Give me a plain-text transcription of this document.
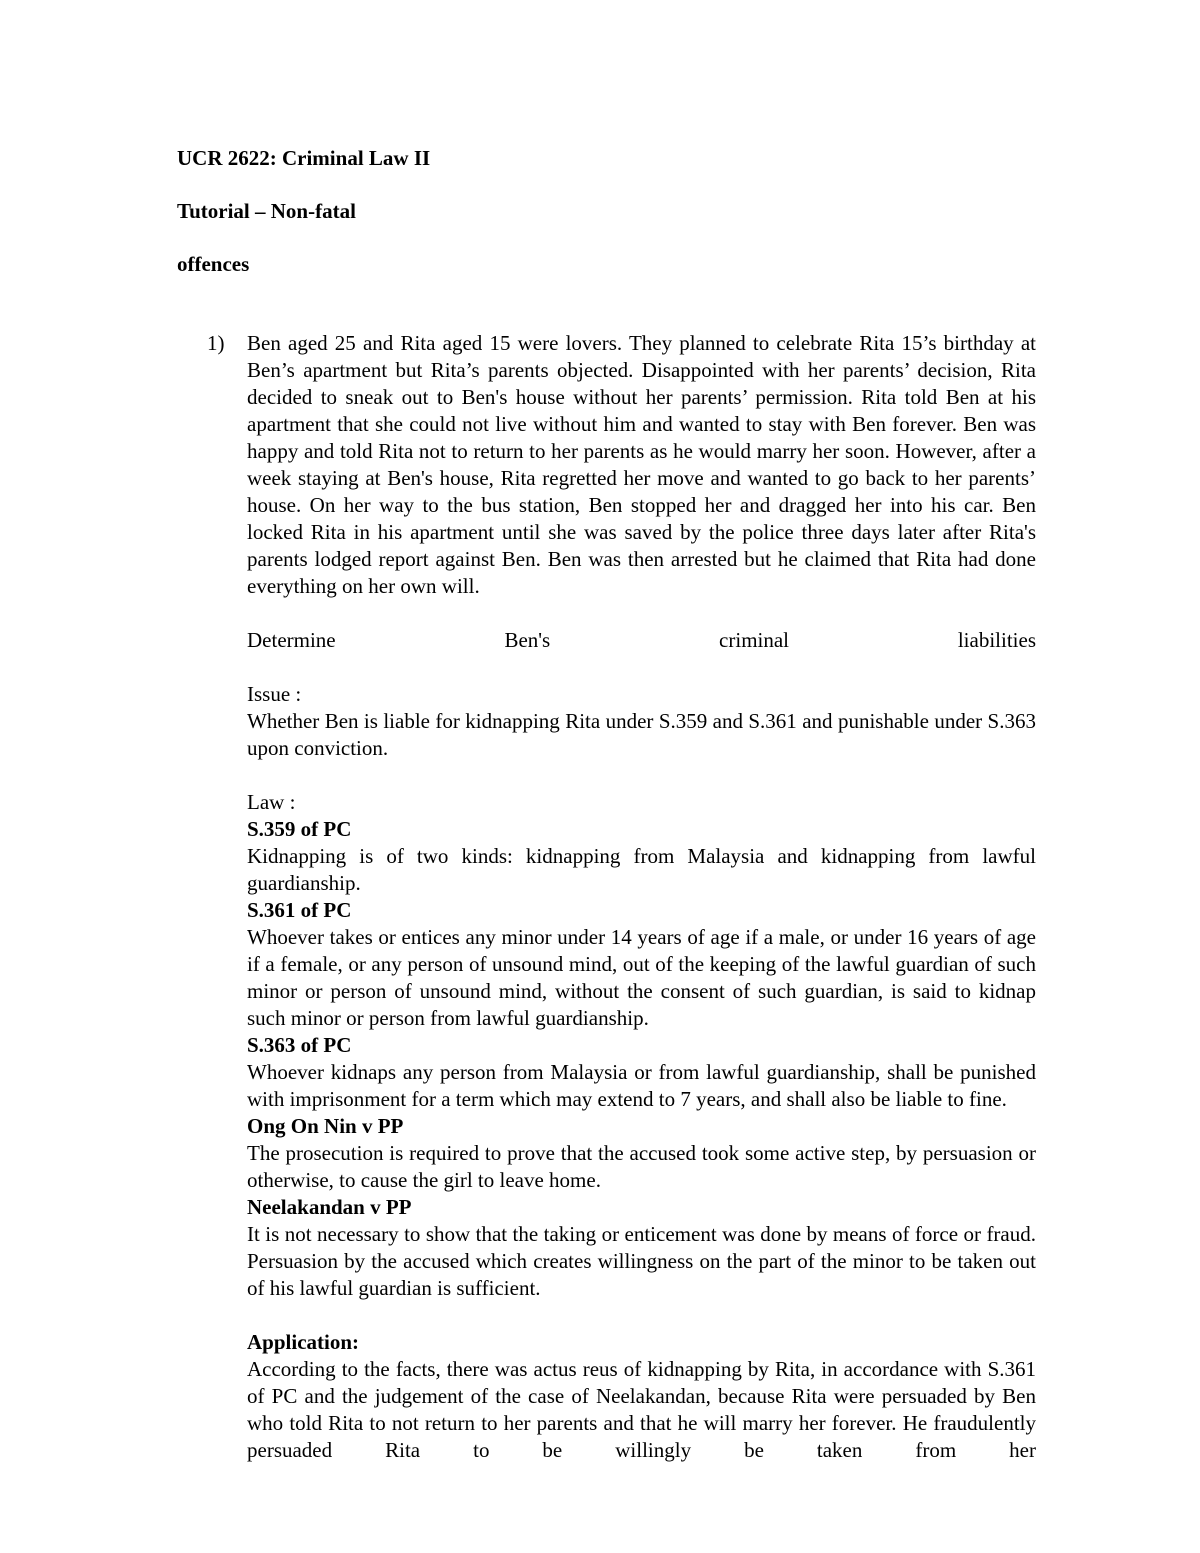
UCR 2622: Criminal Law II

Tutorial – Non-fatal

offences

1) Ben aged 25 and Rita aged 15 were lovers. They planned to celebrate Rita 15’s birthday at Ben’s apartment but Rita’s parents objected. Disappointed with her parents’ decision, Rita decided to sneak out to Ben's house without her parents’ permission. Rita told Ben at his apartment that she could not live without him and wanted to stay with Ben forever. Ben was happy and told Rita not to return to her parents as he would marry her soon. However, after a week staying at Ben's house, Rita regretted her move and wanted to go back to her parents’ house. On her way to the bus station, Ben stopped her and dragged her into his car. Ben locked Rita in his apartment until she was saved by the police three days later after Rita's parents lodged report against Ben. Ben was then arrested but he claimed that Rita had done everything on her own will.

Determine	Ben's	criminal	liabilities

Issue :

Whether Ben is liable for kidnapping Rita under S.359 and S.361 and punishable under S.363 upon conviction.

Law :

S.359 of PC

Kidnapping is of two kinds: kidnapping from Malaysia and kidnapping from lawful guardianship.

S.361 of PC

Whoever takes or entices any minor under 14 years of age if a male, or under 16 years of age if a female, or any person of unsound mind, out of the keeping of the lawful guardian of such minor or person of unsound mind, without the consent of such guardian, is said to kidnap such minor or person from lawful guardianship.

S.363 of PC

Whoever kidnaps any person from Malaysia or from lawful guardianship, shall be punished with imprisonment for a term which may extend to 7 years, and shall also be liable to fine.

Ong On Nin v PP

The prosecution is required to prove that the accused took some active step, by persuasion or otherwise, to cause the girl to leave home.

Neelakandan v PP

It is not necessary to show that the taking or enticement was done by means of force or fraud. Persuasion by the accused which creates willingness on the part of the minor to be taken out of his lawful guardian is sufficient.

Application:

According to the facts, there was actus reus of kidnapping by Rita, in accordance with S.361 of PC and the judgement of the case of Neelakandan, because Rita were persuaded by Ben who told Rita to not return to her parents and that he will marry her forever. He fraudulently persuaded Rita to be willingly be taken from her
